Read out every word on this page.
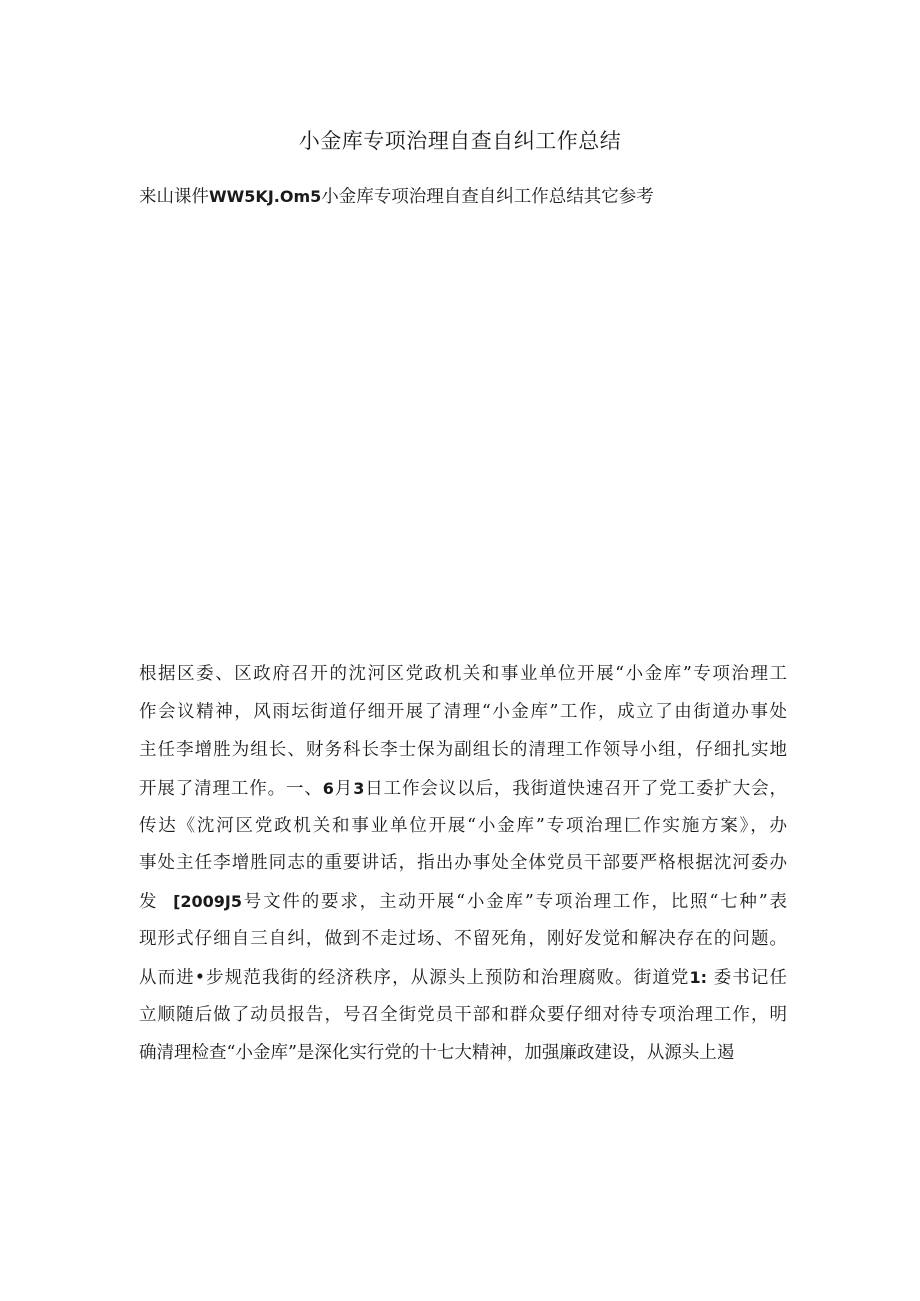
小金库专项治理自查自纠工作总结

来山课件WW5KJ.Om5小金库专项治理自查自纠工作总结其它参考

根据区委、区政府召开的沈河区党政机关和事业单位开展“小金库”专项治理工
作会议精神，风雨坛街道仔细开展了清理“小金库”工作，成立了由街道办事处
主任李增胜为组长、财务科长李士保为副组长的清理工作领导小组，仔细扎实地
开展了清理工作。一、6月3日工作会议以后，我街道快速召开了党工委扩大会，
传达《沈河区党政机关和事业单位开展“小金库”专项治理匚作实施方案》，办
事处主任李增胜同志的重要讲话，指出办事处全体党员干部要严格根据沈河委办
发 [2009J5号文件的要求，主动开展“小金库”专项治理工作，比照“七种”表
现形式仔细自三自纠，做到不走过场、不留死角，刚好发觉和解决存在的问题。
从而进•步规范我街的经济秩序，从源头上预防和治理腐败。街道党1: 委书记任
立顺随后做了动员报告，号召全街党员干部和群众要仔细对待专项治理工作，明
确清理检查“小金库”是深化实行党的十七大精神，加强廉政建设，从源头上遏
